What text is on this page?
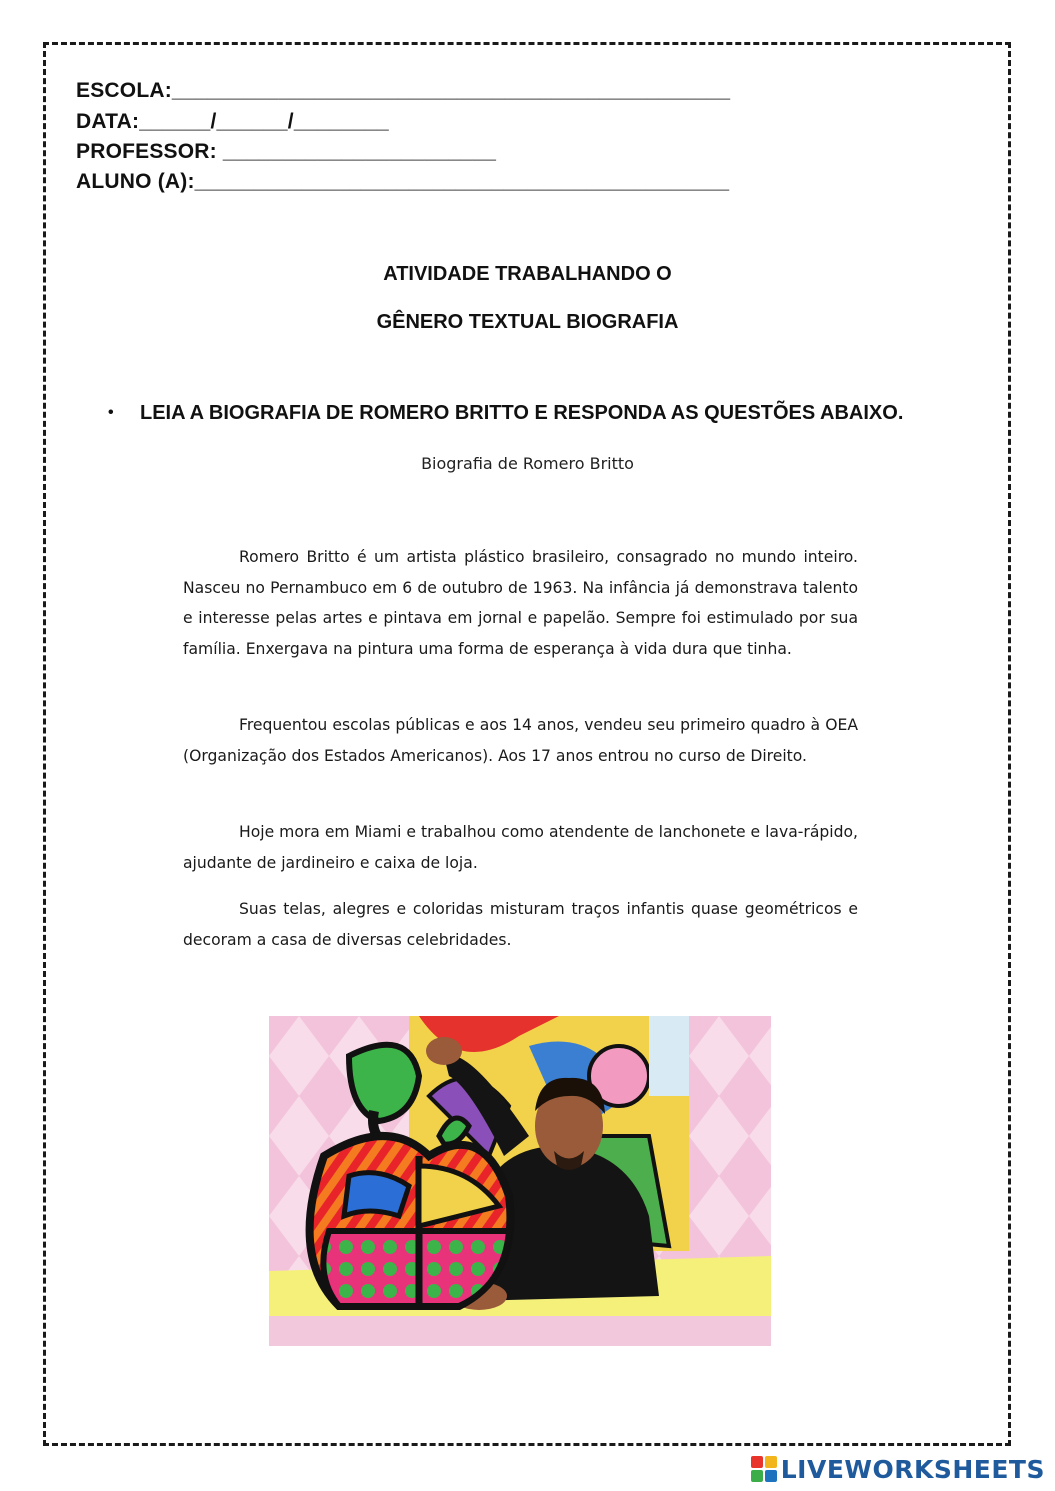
ESCOLA:_______________________________________________
DATA:______/______/________
PROFESSOR: _______________________
ALUNO (A):_____________________________________________
ATIVIDADE TRABALHANDO O
GÊNERO TEXTUAL BIOGRAFIA
• LEIA A BIOGRAFIA DE ROMERO BRITTO E RESPONDA AS QUESTÕES ABAIXO.
Biografia de Romero Britto

Romero Britto é um artista plástico brasileiro, consagrado no mundo inteiro. Nasceu no Pernambuco em 6 de outubro de 1963. Na infância já demonstrava talento e interesse pelas artes e pintava em jornal e papelão. Sempre foi estimulado por sua família. Enxergava na pintura uma forma de esperança à vida dura que tinha.

Frequentou escolas públicas e aos 14 anos, vendeu seu primeiro quadro à OEA (Organização dos Estados Americanos). Aos 17 anos entrou no curso de Direito.

Hoje mora em Miami e trabalhou como atendente de lanchonete e lava-rápido, ajudante de jardineiro e caixa de loja.

Suas telas, alegres e coloridas misturam traços infantis quase geométricos e decoram a casa de diversas celebridades.

LIVEWORKSHEETS
